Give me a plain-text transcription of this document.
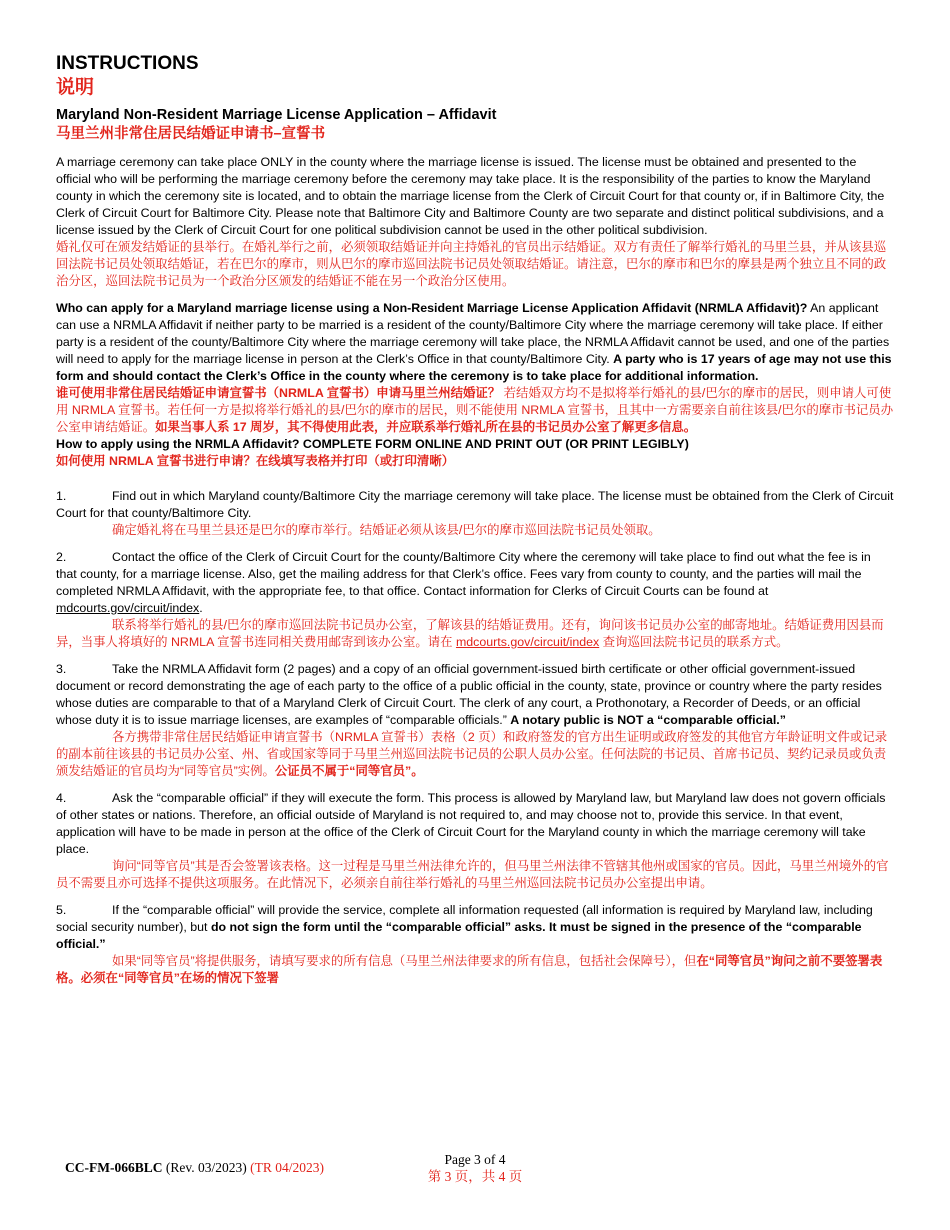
INSTRUCTIONS
说明
Maryland Non-Resident Marriage License Application – Affidavit
马里兰州非常住居民结婚证申请书–宣誓书

A marriage ceremony can take place ONLY in the county where the marriage license is issued. The license must be obtained and presented to the official who will be performing the marriage ceremony before the ceremony may take place. It is the responsibility of the parties to know the Maryland county in which the ceremony site is located, and to obtain the marriage license from the Clerk of Circuit Court for that county or, if in Baltimore City, the Clerk of Circuit Court for Baltimore City. Please note that Baltimore City and Baltimore County are two separate and distinct political subdivisions, and a license issued by the Clerk of Circuit Court for one political subdivision cannot be used in the other political subdivision.

婚礼仅可在颁发结婚证的县举行。在婚礼举行之前，必须领取结婚证并向主持婚礼的官员出示结婚证。双方有责任了解举行婚礼的马里兰县，并从该县巡回法院书记员处领取结婚证，若在巴尔的摩市，则从巴尔的摩市巡回法院书记员处领取结婚证。请注意，巴尔的摩市和巴尔的摩县是两个独立且不同的政治分区，巡回法院书记员为一个政治分区颁发的结婚证不能在另一个政治分区使用。

Who can apply for a Maryland marriage license using a Non-Resident Marriage License Application Affidavit (NRMLA Affidavit)? An applicant can use a NRMLA Affidavit if neither party to be married is a resident of the county/Baltimore City where the marriage ceremony will take place. If either party is a resident of the county/Baltimore City where the marriage ceremony will take place, the NRMLA Affidavit cannot be used, and one of the parties will need to apply for the marriage license in person at the Clerk’s Office in that county/Baltimore City. A party who is 17 years of age may not use this form and should contact the Clerk’s Office in the county where the ceremony is to take place for additional information.

谁可使用非常住居民结婚证申请宣誓书（NRMLA 宣誓书）申请马里兰州结婚证？ 若结婚双方均不是拟将举行婚礼的县/巴尔的摩市的居民，则申请人可使用 NRMLA 宣誓书。若任何一方是拟将举行婚礼的县/巴尔的摩市的居民，则不能使用 NRMLA 宣誓书，且其中一方需要亲自前往该县/巴尔的摩市书记员办公室申请结婚证。如果当事人系 17 周岁，其不得使用此表，并应联系举行婚礼所在县的书记员办公室了解更多信息。

How to apply using the NRMLA Affidavit? COMPLETE FORM ONLINE AND PRINT OUT (OR PRINT LEGIBLY)

如何使用 NRMLA 宣誓书进行申请？在线填写表格并打印（或打印清晰）

1.	Find out in which Maryland county/Baltimore City the marriage ceremony will take place. The license must be obtained from the Clerk of Circuit Court for that county/Baltimore City.

确定婚礼将在马里兰县还是巴尔的摩市举行。结婚证必须从该县/巴尔的摩市巡回法院书记员处领取。

2.	Contact the office of the Clerk of Circuit Court for the county/Baltimore City where the ceremony will take place to find out what the fee is in that county, for a marriage license. Also, get the mailing address for that Clerk’s office. Fees vary from county to county, and the parties will mail the completed NRMLA Affidavit, with the appropriate fee, to that office. Contact information for Clerks of Circuit Courts can be found at mdcourts.gov/circuit/index.

联系将举行婚礼的县/巴尔的摩市巡回法院书记员办公室，了解该县的结婚证费用。还有，询问该书记员办公室的邮寄地址。结婚证费用因县而异，当事人将填好的 NRMLA 宣誓书连同相关费用邮寄到该办公室。请在 mdcourts.gov/circuit/index 查询巡回法院书记员的联系方式。

3.	Take the NRMLA Affidavit form (2 pages) and a copy of an official government-issued birth certificate or other official government-issued document or record demonstrating the age of each party to the office of a public official in the county, state, province or country where the party resides whose duties are comparable to that of a Maryland Clerk of Circuit Court. The clerk of any court, a Prothonotary, a Recorder of Deeds, or an official whose duty it is to issue marriage licenses, are examples of “comparable officials.” A notary public is NOT a “comparable official.”

各方携带非常住居民结婚证申请宣誓书（NRMLA 宣誓书）表格（2 页）和政府签发的官方出生证明或政府签发的其他官方年龄证明文件或记录的副本前往该县的书记员办公室、州、省或国家等同于马里兰州巡回法院书记员的公职人员办公室。任何法院的书记员、首席书记员、契约记录员或负责颁发结婚证的官员均为“同等官员”实例。公证员不属于“同等官员”。

4.	Ask the “comparable official” if they will execute the form. This process is allowed by Maryland law, but Maryland law does not govern officials of other states or nations. Therefore, an official outside of Maryland is not required to, and may choose not to, provide this service. In that event, application will have to be made in person at the office of the Clerk of Circuit Court for the Maryland county in which the marriage ceremony will take place.

询问“同等官员”其是否会签署该表格。这一过程是马里兰州法律允许的，但马里兰州法律不管辖其他州或国家的官员。因此，马里兰州境外的官员不需要且亦可选择不提供这项服务。在此情况下，必须亲自前往举行婚礼的马里兰州巡回法院书记员办公室提出申请。

5.	If the “comparable official” will provide the service, complete all information requested (all information is required by Maryland law, including social security number), but do not sign the form until the “comparable official” asks. It must be signed in the presence of the “comparable official.”

如果“同等官员”将提供服务，请填写要求的所有信息（马里兰州法律要求的所有信息，包括社会保障号），但在“同等官员”询问之前不要签署表格。必须在“同等官员”在场的情况下签署

CC-FM-066BLC (Rev. 03/2023) (TR 04/2023)
Page 3 of 4
第 3 页，共 4 页
